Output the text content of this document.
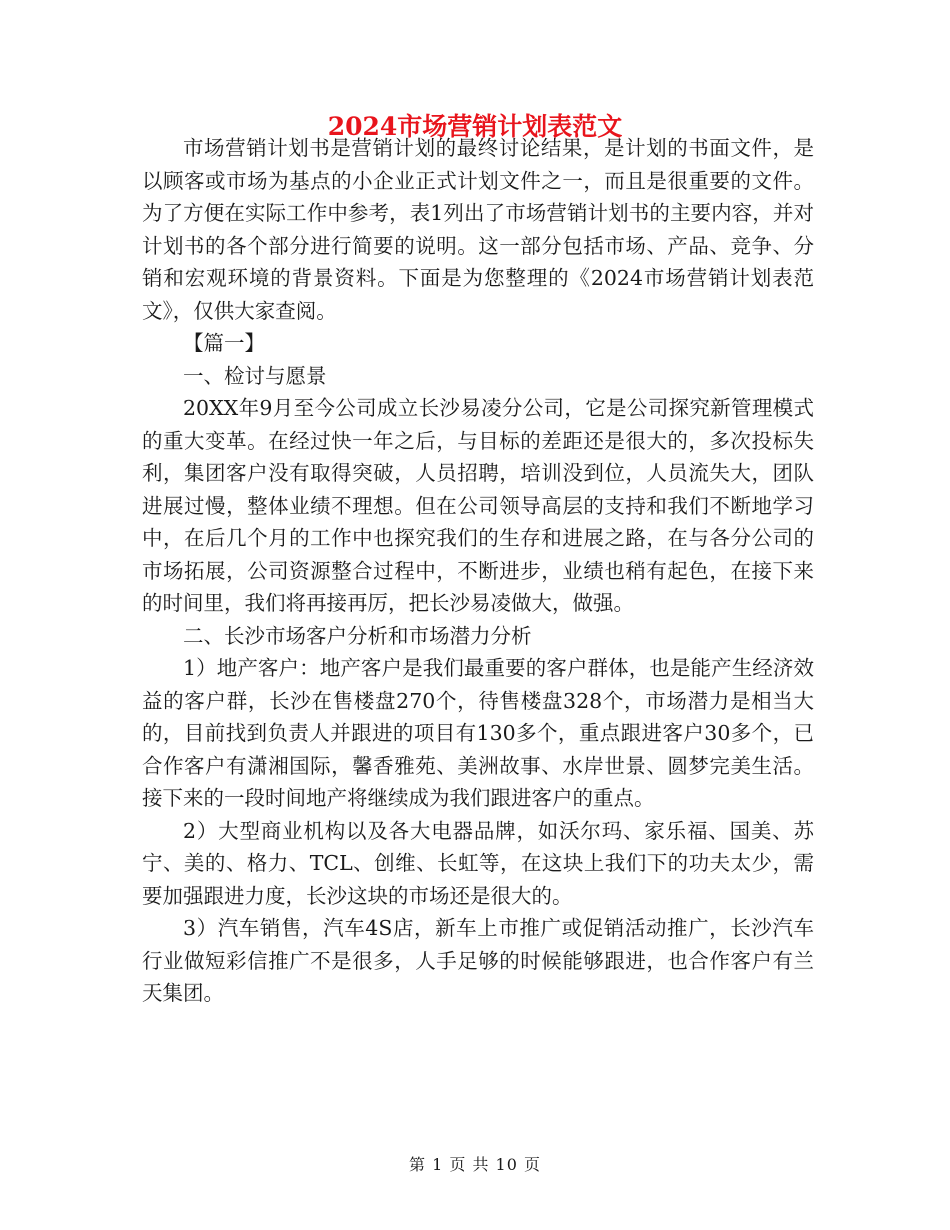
2024市场营销计划表范文

市场营销计划书是营销计划的最终讨论结果，是计划的书面文件，是以顾客或市场为基点的小企业正式计划文件之一，而且是很重要的文件。为了方便在实际工作中参考，表1列出了市场营销计划书的主要内容，并对计划书的各个部分进行简要的说明。这一部分包括市场、产品、竞争、分销和宏观环境的背景资料。下面是为您整理的《2024市场营销计划表范文》，仅供大家查阅。

【篇一】

一、检讨与愿景

20XX年9月至今公司成立长沙易凌分公司，它是公司探究新管理模式的重大变革。在经过快一年之后，与目标的差距还是很大的，多次投标失利，集团客户没有取得突破，人员招聘，培训没到位，人员流失大，团队进展过慢，整体业绩不理想。但在公司领导高层的支持和我们不断地学习中，在后几个月的工作中也探究我们的生存和进展之路，在与各分公司的市场拓展，公司资源整合过程中，不断进步，业绩也稍有起色，在接下来的时间里，我们将再接再厉，把长沙易凌做大，做强。

二、长沙市场客户分析和市场潜力分析

1）地产客户：地产客户是我们最重要的客户群体，也是能产生经济效益的客户群，长沙在售楼盘270个，待售楼盘328个，市场潜力是相当大的，目前找到负责人并跟进的项目有130多个，重点跟进客户30多个，已合作客户有潇湘国际，馨香雅苑、美洲故事、水岸世景、圆梦完美生活。接下来的一段时间地产将继续成为我们跟进客户的重点。

2）大型商业机构以及各大电器品牌，如沃尔玛、家乐福、国美、苏宁、美的、格力、TCL、创维、长虹等，在这块上我们下的功夫太少，需要加强跟进力度，长沙这块的市场还是很大的。

3）汽车销售，汽车4S店，新车上市推广或促销活动推广，长沙汽车行业做短彩信推广不是很多，人手足够的时候能够跟进，也合作客户有兰天集团。

第 1 页 共 10 页
